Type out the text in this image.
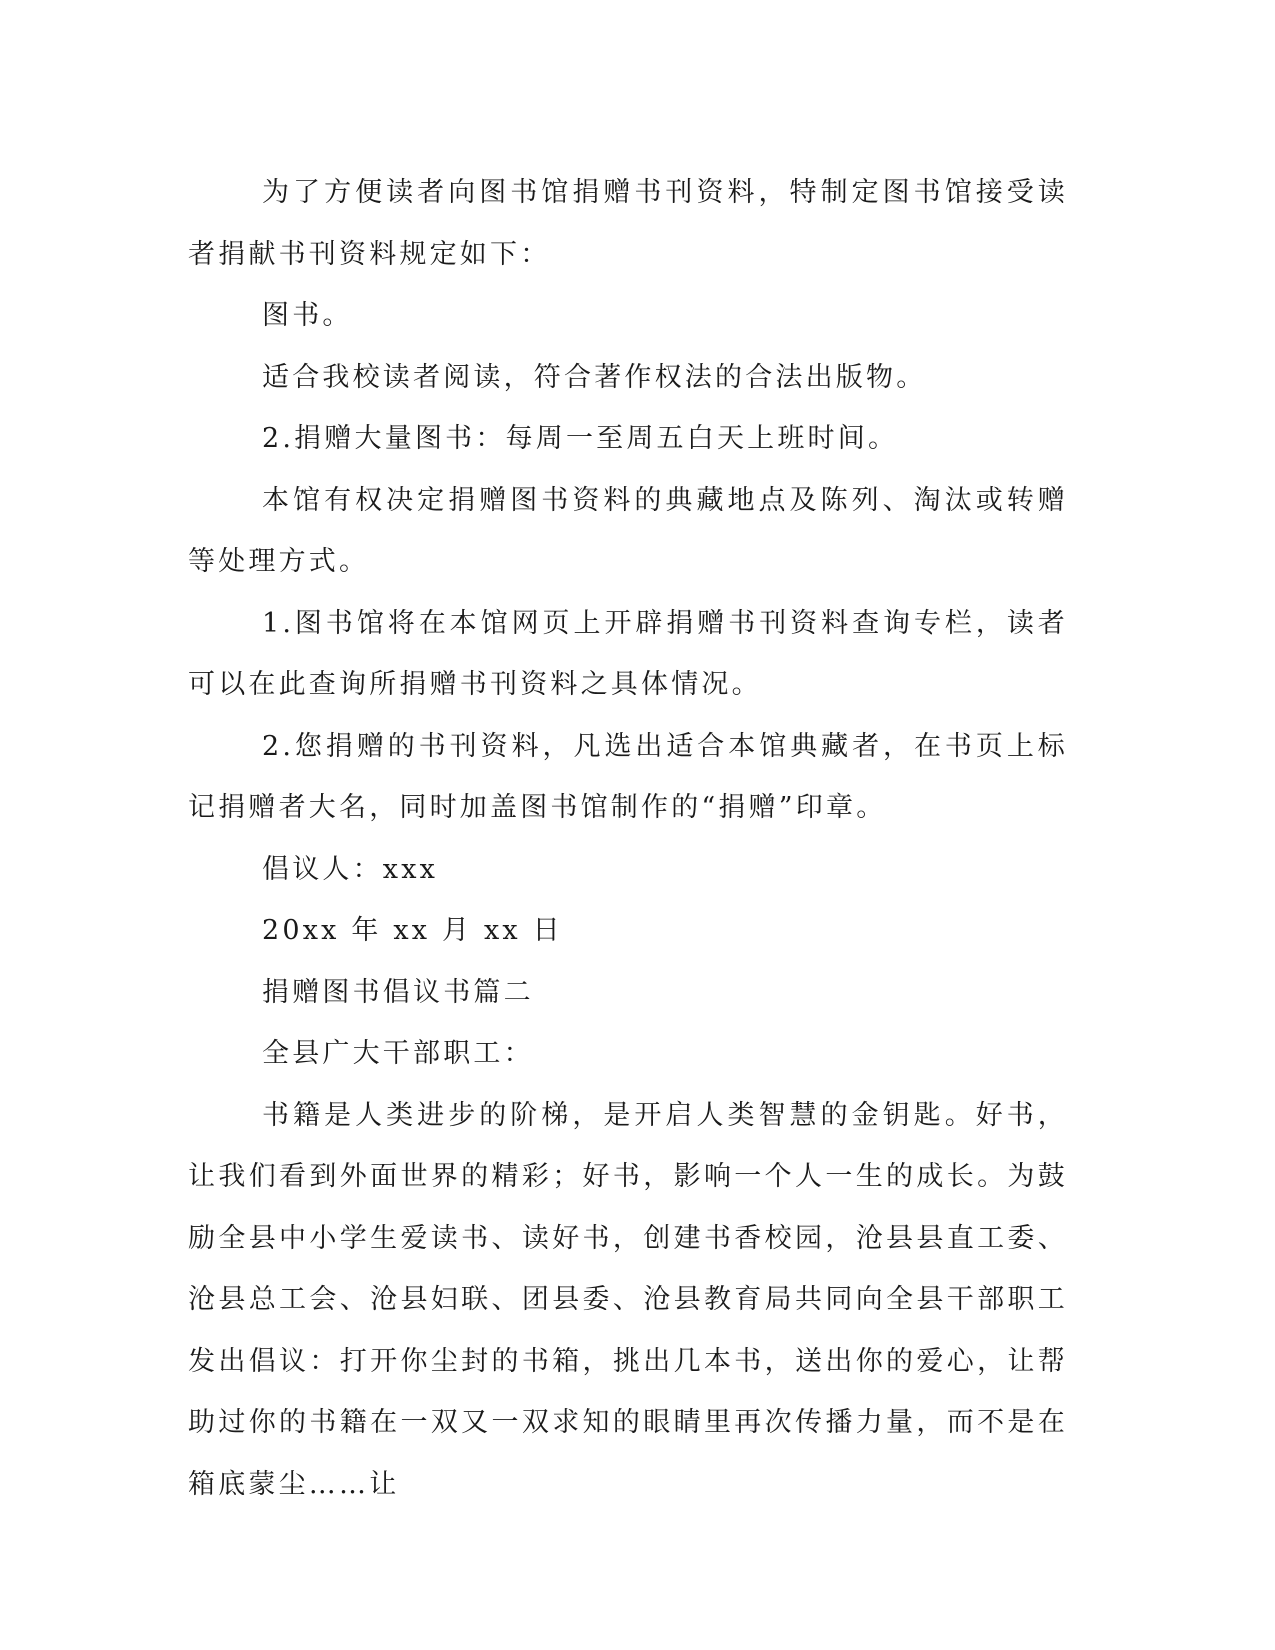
为了方便读者向图书馆捐赠书刊资料，特制定图书馆接受读者捐献书刊资料规定如下：

图书。

适合我校读者阅读，符合著作权法的合法出版物。

2.捐赠大量图书：每周一至周五白天上班时间。

本馆有权决定捐赠图书资料的典藏地点及陈列、淘汰或转赠等处理方式。

1.图书馆将在本馆网页上开辟捐赠书刊资料查询专栏，读者可以在此查询所捐赠书刊资料之具体情况。

2.您捐赠的书刊资料，凡选出适合本馆典藏者，在书页上标记捐赠者大名，同时加盖图书馆制作的“捐赠”印章。

倡议人：xxx

20xx 年 xx 月 xx 日

捐赠图书倡议书篇二

全县广大干部职工：

书籍是人类进步的阶梯，是开启人类智慧的金钥匙。好书，让我们看到外面世界的精彩；好书，影响一个人一生的成长。为鼓励全县中小学生爱读书、读好书，创建书香校园，沧县县直工委、沧县总工会、沧县妇联、团县委、沧县教育局共同向全县干部职工发出倡议：打开你尘封的书箱，挑出几本书，送出你的爱心，让帮助过你的书籍在一双又一双求知的眼睛里再次传播力量，而不是在箱底蒙尘……让
